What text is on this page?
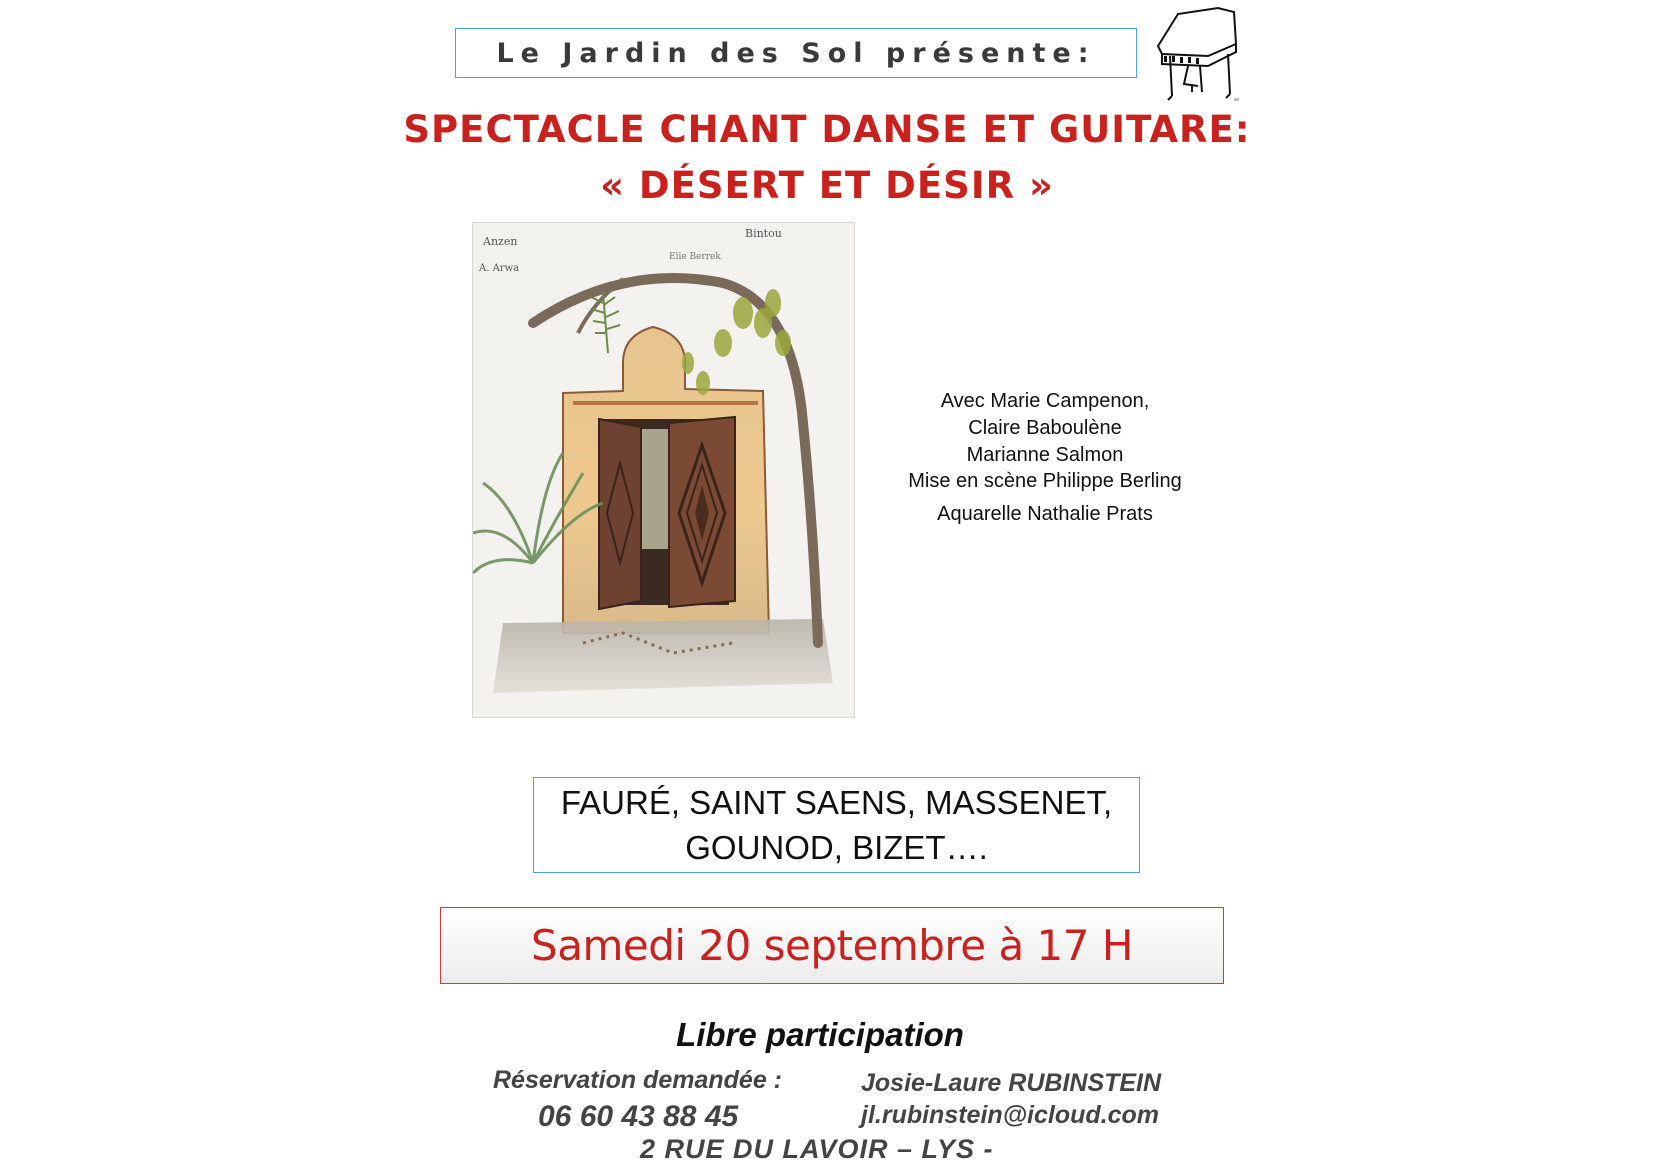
Le Jardin des Sol présente:
SPECTACLE CHANT DANSE ET GUITARE:
« DÉSERT ET DÉSIR »
Anzen
A. Arwa
Bintou
Elie Berrek
Avec Marie Campenon,
Claire Baboulène
Marianne Salmon
Mise en scène Philippe Berling
Aquarelle Nathalie Prats
FAURÉ, SAINT SAENS, MASSENET,
GOUNOD, BIZET….
Samedi 20 septembre à 17 H
Libre participation
Réservation demandée :
06 60 43 88 45
Josie-Laure RUBINSTEIN
jl.rubinstein@icloud.com
2 RUE DU LAVOIR – LYS -
